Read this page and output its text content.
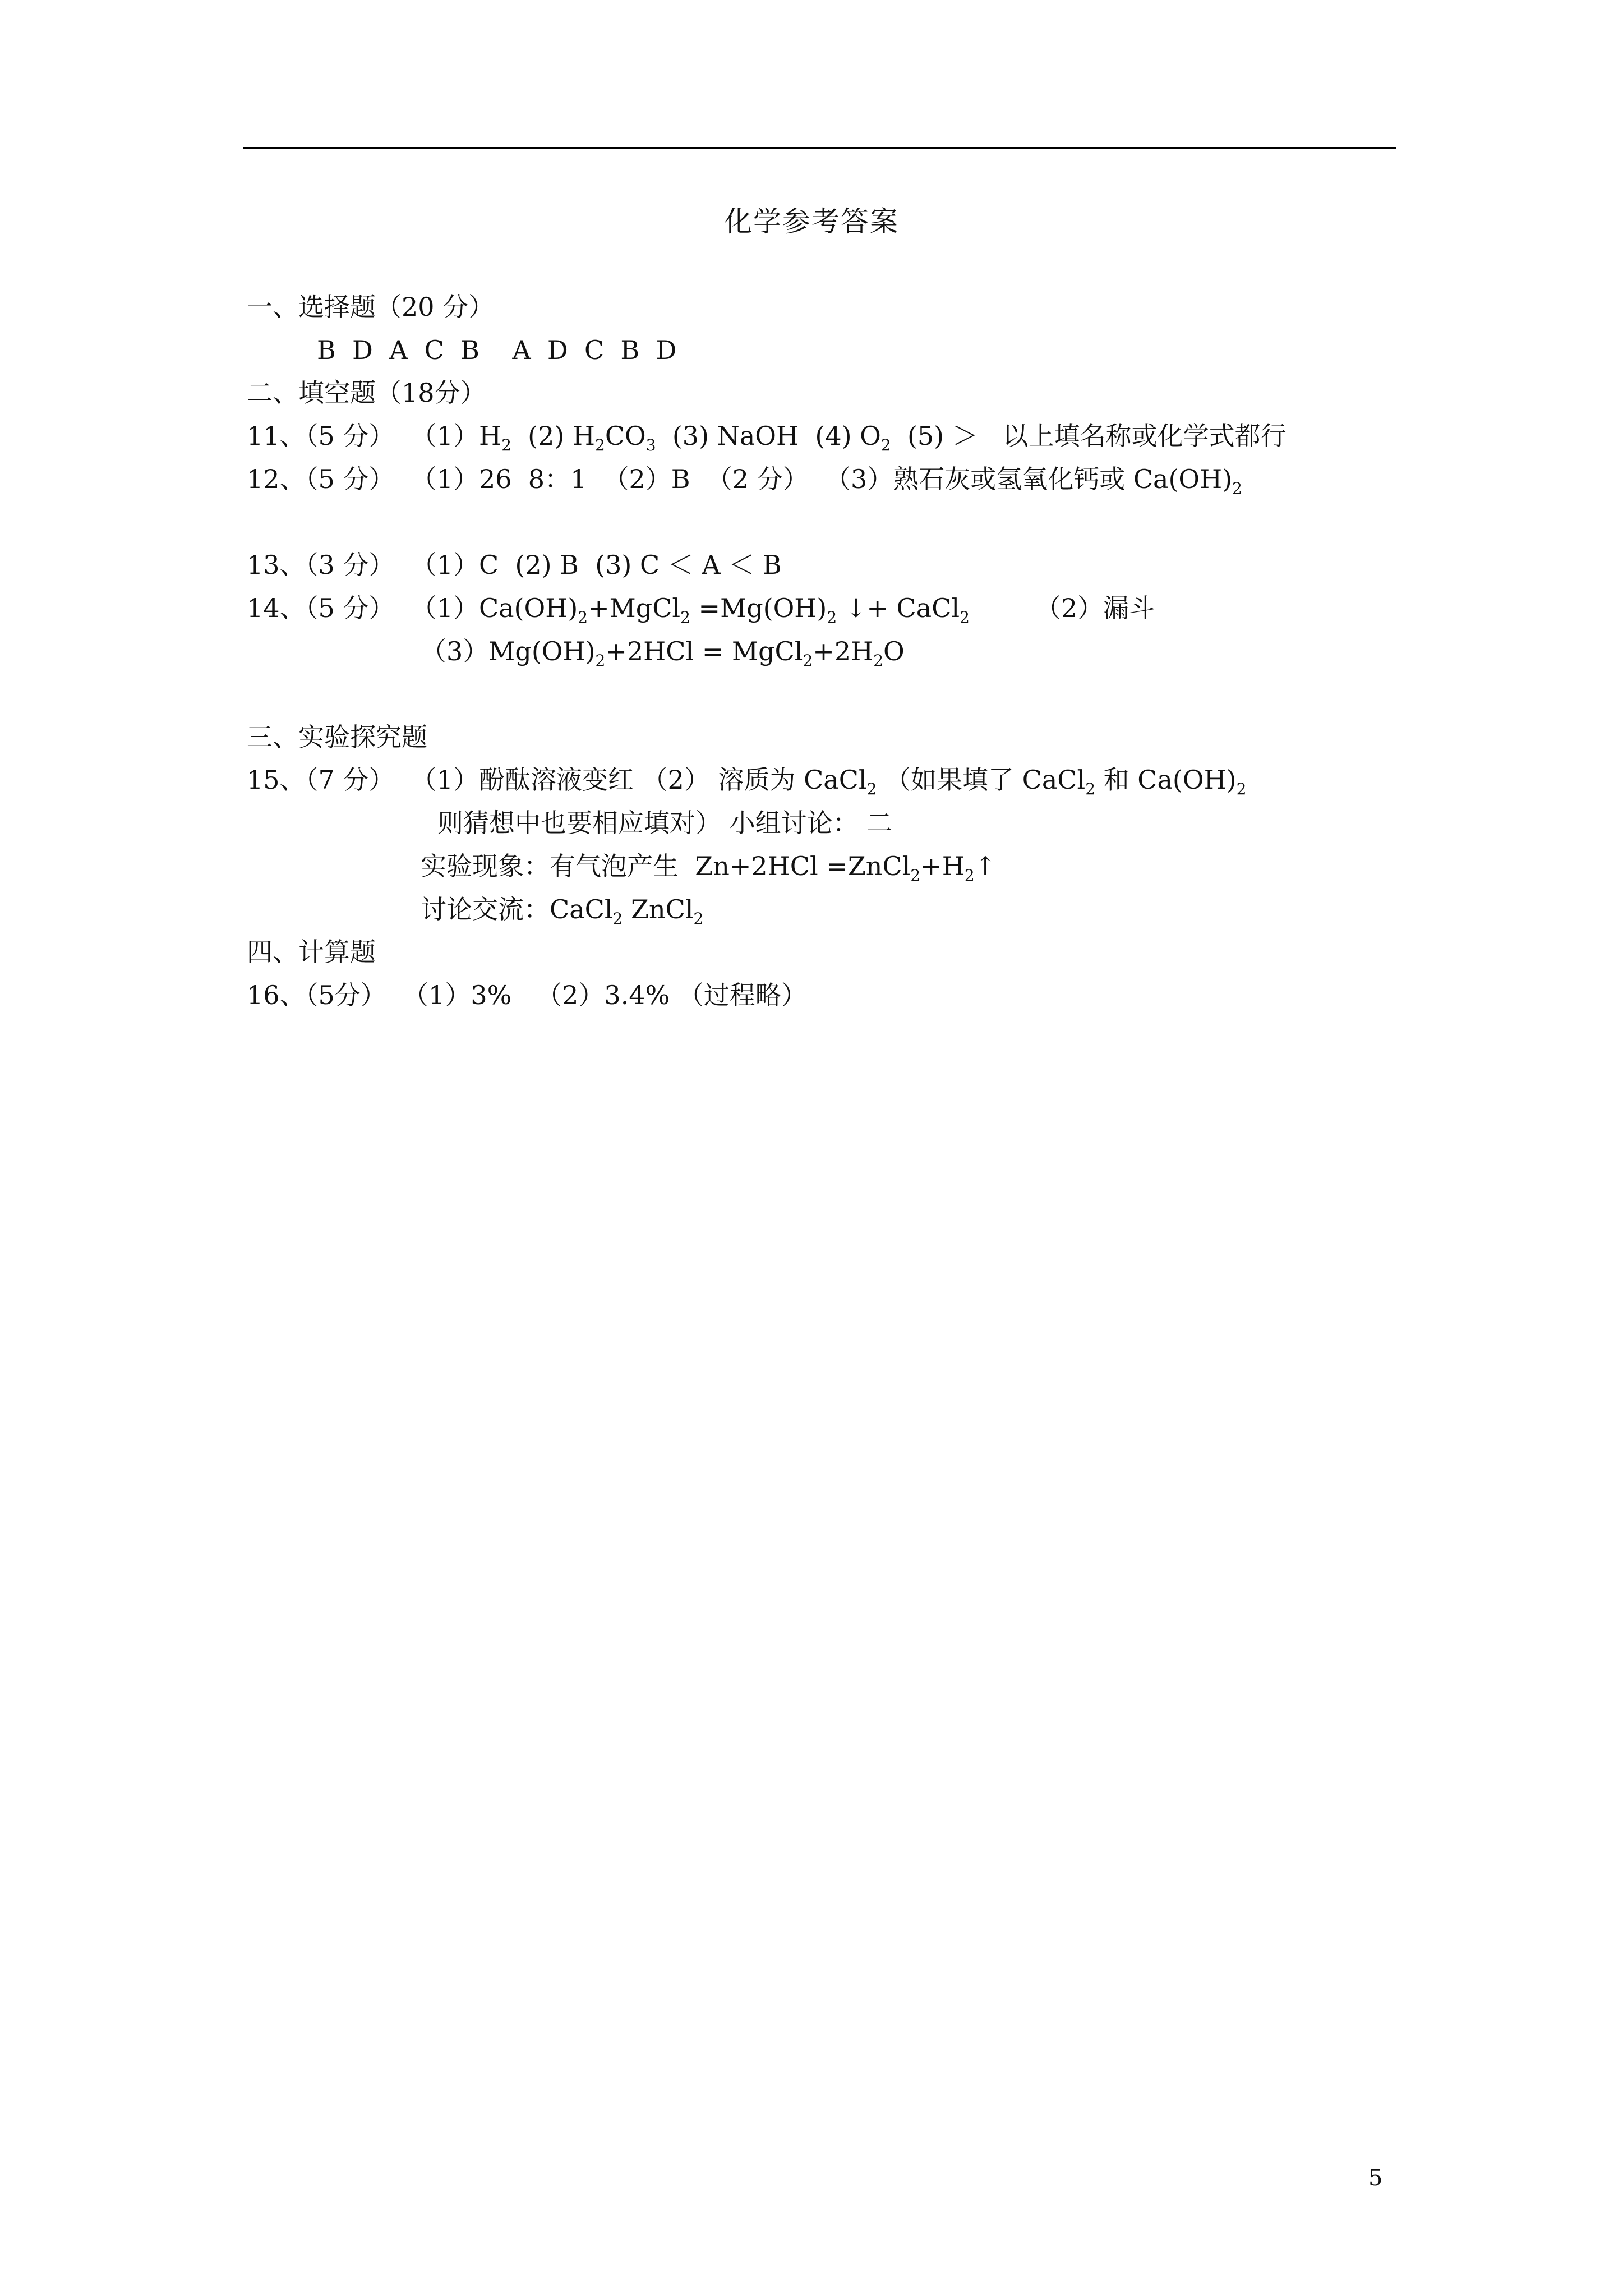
化学参考答案
一、选择题（20 分）
B  D  A  C  B    A  D  C  B  D
二、填空题（18分）
11、（5 分） $(1)H_2$  (2) $H_2CO_3$  (3) NaOH  (4) $O_2$  (5) ＞   以上填名称或化学式都行
12、（5 分） （1）26  8：1  （2）B  （2 分）  （3）熟石灰或氢氧化钙或 $Ca(OH)_2$
13、（3 分） （1）C  (2) B  (3) C ＜ A ＜ B
14、（5 分） $(1)Ca(OH)_2+MgCl_2 =Mg(OH)_2$ ↓+ CaCl$_2$        （2）漏斗
$(3)Mg(OH)_2+2HCl$ = $MgCl_2+2H_2O$
三、实验探究题
15、（7 分） （1）酚酞溶液变红 （2） 溶质为 CaCl$_2$ （如果填了 CaCl$_2$ 和 $Ca(OH)_2$
则猜想中也要相应填对） 小组讨论： 二
实验现象：有气泡产生  $Zn+2HCl =ZnCl_2+H_2↑$
讨论交流：CaCl$_2$ ZnCl$_2$
四、计算题
16、（5分）  （1）3%   （2）3.4% （过程略）
5
